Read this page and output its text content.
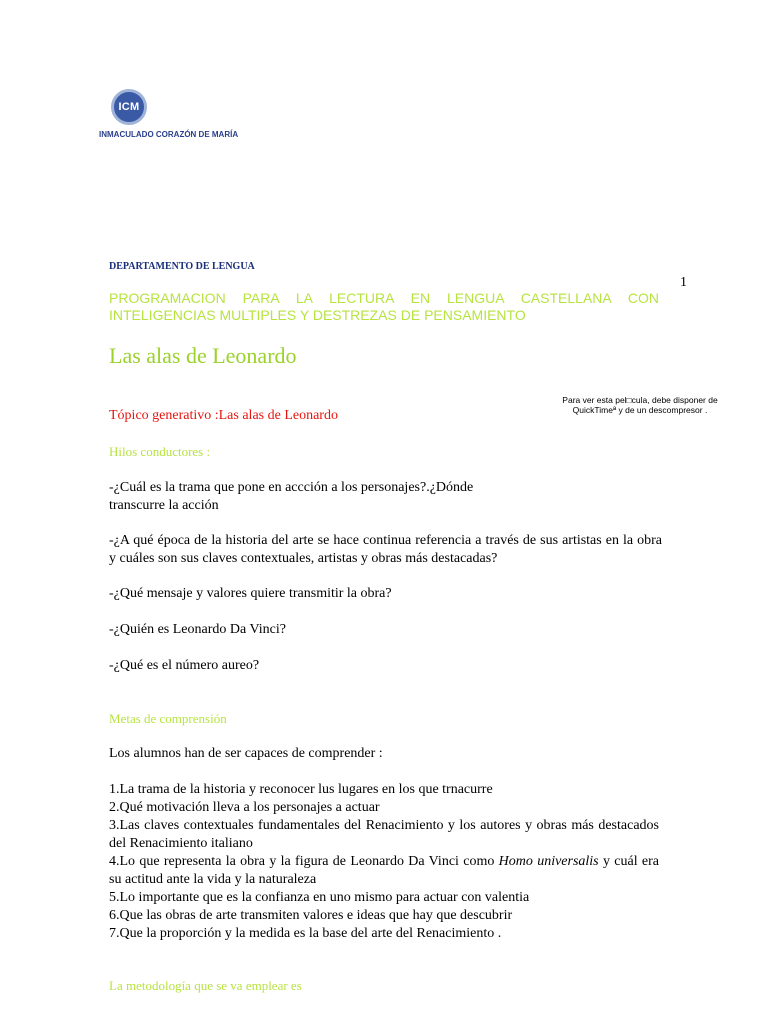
ICM
INMACULADO CORAZÓN DE MARÍA
DEPARTAMENTO DE LENGUA
1
PROGRAMACION PARA LA LECTURA EN LENGUA CASTELLANA CON INTELIGENCIAS MULTIPLES Y DESTREZAS DE PENSAMIENTO
Las alas de Leonardo
Para ver esta pel□cula, debe disponer de QuickTimeª y de un descompresor .
Tópico generativo :Las alas de Leonardo
Hilos conductores :
-¿Cuál es la trama que pone en accción a los personajes?.¿Dónde
transcurre la acción
-¿A qué época de la historia del arte se hace continua referencia a través de sus artistas en la obra y cuáles son sus claves contextuales, artistas y obras más destacadas?
-¿Qué mensaje y valores quiere transmitir la obra?
-¿Quién es Leonardo Da Vinci?
-¿Qué es el número aureo?
Metas de comprensión
Los alumnos han de ser capaces de comprender :

1.La trama de la historia y reconocer lus lugares en los que trnacurre

2.Qué motivación lleva a los personajes a actuar

3.Las claves contextuales fundamentales del Renacimiento y los autores y obras más destacados del Renacimiento italiano

4.Lo que representa la obra y la figura de Leonardo Da Vinci como Homo universalis y cuál era su actitud ante la vida y la naturaleza

5.Lo importante que es la confianza en uno mismo para actuar con valentia

6.Que las obras de arte transmiten valores e ideas que hay que descubrir

7.Que la proporción y la medida es la base del arte del Renacimiento .

La metodología que se va emplear es
